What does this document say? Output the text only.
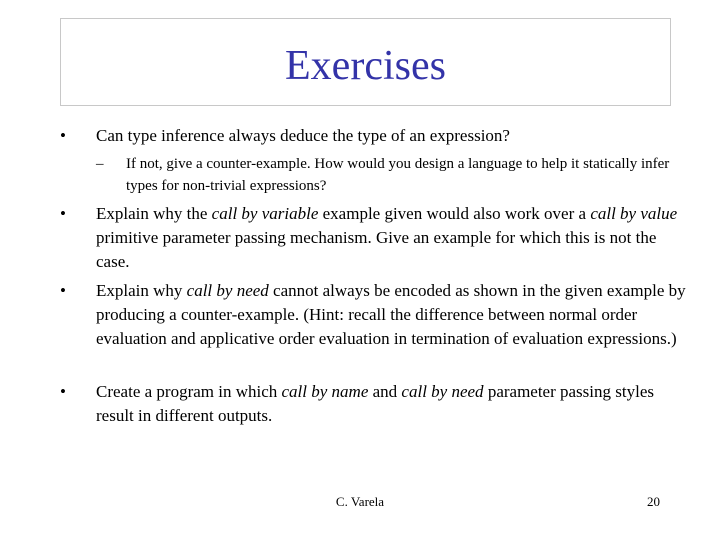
Exercises
• Can type inference always deduce the type of an expression?
– If not, give a counter-example. How would you design a language to help it statically infer types for non-trivial expressions?
• Explain why the call by variable example given would also work over a call by value primitive parameter passing mechanism. Give an example for which this is not the case.
• Explain why call by need cannot always be encoded as shown in the given example by producing a counter-example. (Hint: recall the difference between normal order evaluation and applicative order evaluation in termination of evaluation expressions.)
• Create a program in which call by name and call by need parameter passing styles result in different outputs.
C. Varela	20
